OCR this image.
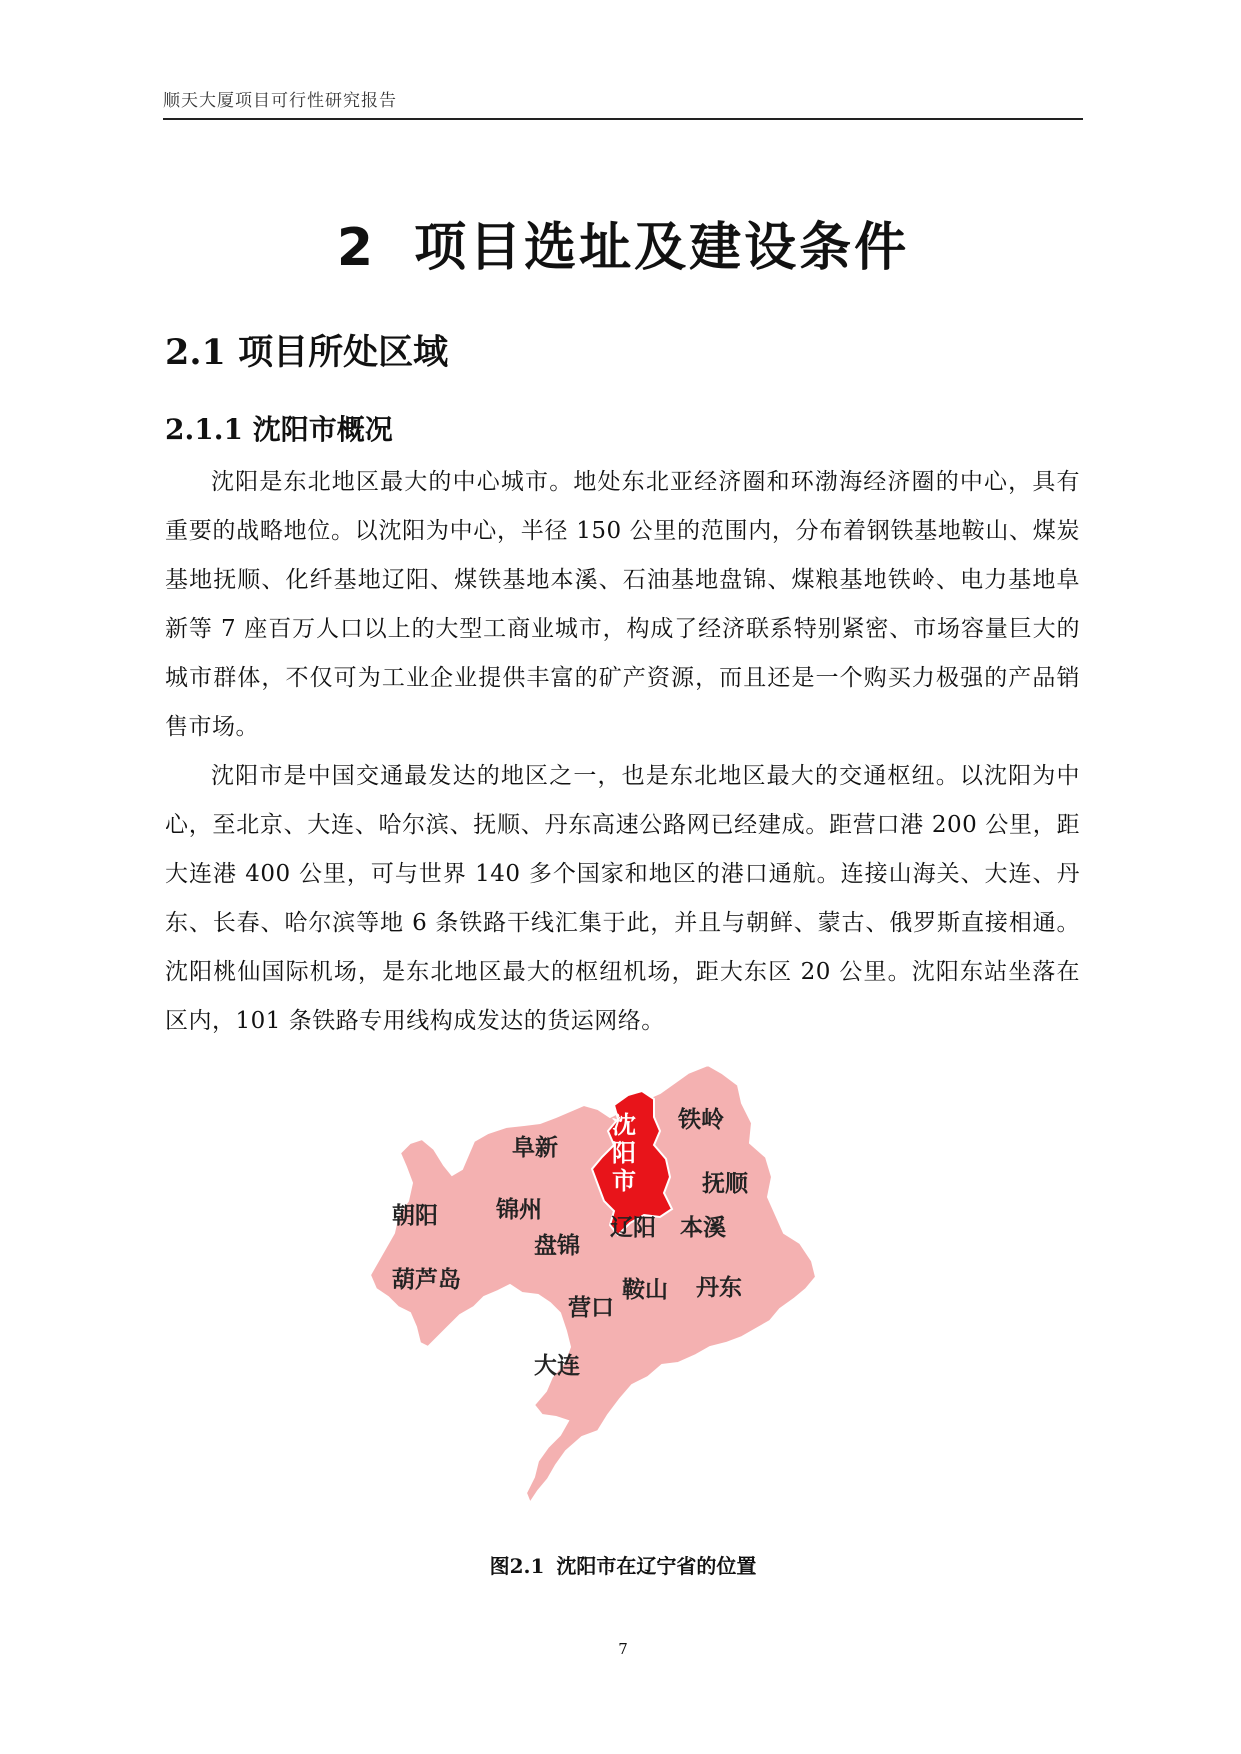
顺天大厦项目可行性研究报告
2 项目选址及建设条件
2.1 项目所处区域
2.1.1 沈阳市概况

沈阳是东北地区最大的中心城市。地处东北亚经济圈和环渤海经济圈的中心，具有重要的战略地位。以沈阳为中心，半径 150 公里的范围内，分布着钢铁基地鞍山、煤炭基地抚顺、化纤基地辽阳、煤铁基地本溪、石油基地盘锦、煤粮基地铁岭、电力基地阜新等 7 座百万人口以上的大型工商业城市，构成了经济联系特别紧密、市场容量巨大的城市群体，不仅可为工业企业提供丰富的矿产资源，而且还是一个购买力极强的产品销售市场。

沈阳市是中国交通最发达的地区之一，也是东北地区最大的交通枢纽。以沈阳为中心，至北京、大连、哈尔滨、抚顺、丹东高速公路网已经建成。距营口港 200 公里，距大连港 400 公里，可与世界 140 多个国家和地区的港口通航。连接山海关、大连、丹东、长春、哈尔滨等地 6 条铁路干线汇集于此，并且与朝鲜、蒙古、俄罗斯直接相通。沈阳桃仙国际机场，是东北地区最大的枢纽机场，距大东区 20 公里。沈阳东站坐落在区内，101 条铁路专用线构成发达的货运网络。

沈
阳
市
铁岭
阜新
抚顺
朝阳	锦州
辽阳 本溪
盘锦
葫芦岛	鞍山 丹东
营口
大连
图2.1 沈阳市在辽宁省的位置
7
